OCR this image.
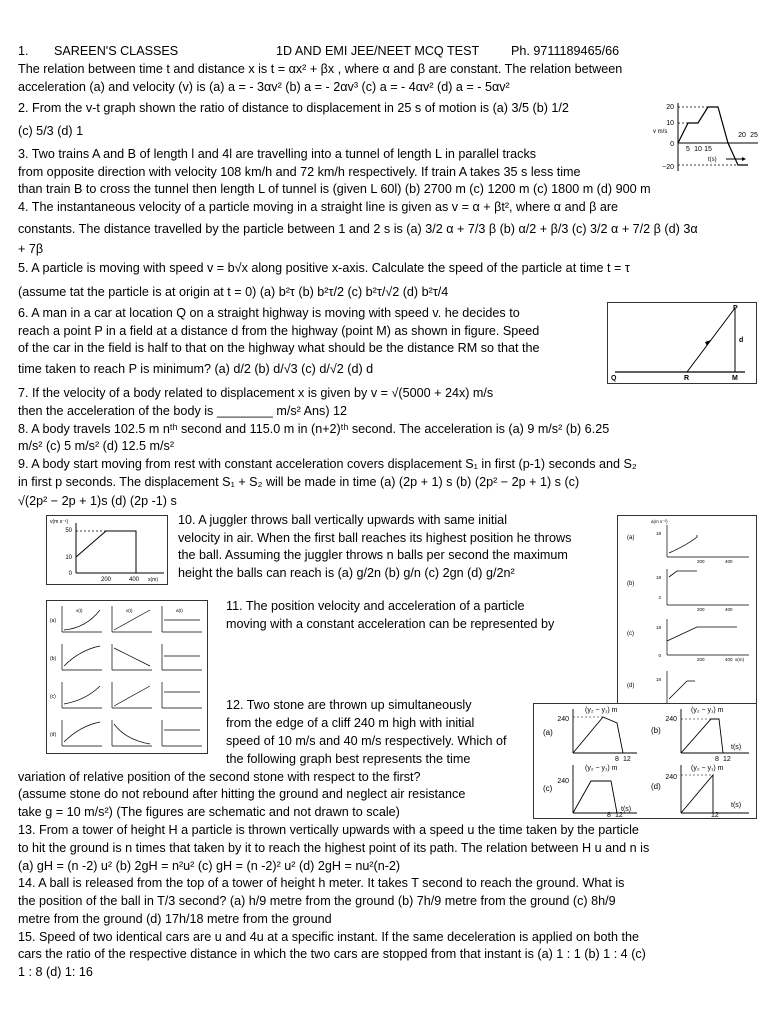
1. SAREEN'S CLASSES	1D AND EMI JEE/NEET MCQ TEST	Ph. 9711189465/66
The relation between time t and distance x is t = αx² + βx , where α and β are constant. The relation between
acceleration (a) and velocity (v) is (a) a = - 3αv² (b) a = - 2αv³ (c) a = - 4αv² (d) a = - 5αv²
2. From the v-t graph shown the ratio of distance to displacement in 25 s of motion is (a) 3/5 (b) 1/2
(c) 5/3 (d) 1
20
10
0
−20
v m/s
5 10 15
20 25
t(s)
3. Two trains A and B of length l and 4l are travelling into a tunnel of length L in parallel tracks
from opposite direction with velocity 108 km/h and 72 km/h respectively. If train A takes 35 s less time
than train B to cross the tunnel then length L of tunnel is (given L 60l) (b) 2700 m (c) 1200 m (c) 1800 m (d) 900 m
4. The instantaneous velocity of a particle moving in a straight line is given as v = α + βt², where α and β are
constants. The distance travelled by the particle between 1 and 2 s is (a) 3/2 α + 7/3 β (b) α/2 + β/3 (c) 3/2 α + 7/2 β (d) 3α
+ 7β
5. A particle is moving with speed v = b√x along positive x-axis. Calculate the speed of the particle at time t = τ
(assume tat the particle is at origin at t = 0) (a) b²τ (b) b²τ/2 (c) b²τ/√2 (d) b²τ/4
6. A man in a car at location Q on a straight highway is moving with speed v. he decides to
reach a point P in a field at a distance d from the highway (point M) as shown in figure. Speed
of the car in the field is half to that on the highway what should be the distance RM so that the
time taken to reach P is minimum? (a) d/2 (b) d/√3 (c) d/√2 (d) d
Q	R	M
P
d
7. If the velocity of a body related to displacement x is given by v = √(5000 + 24x) m/s
then the acceleration of the body is ________ m/s² Ans) 12
8. A body travels 102.5 m nᵗʰ second and 115.0 m in (n+2)ᵗʰ second. The acceleration is (a) 9 m/s² (b) 6.25
m/s² (c) 5 m/s² (d) 12.5 m/s²
9. A body start moving from rest with constant acceleration covers displacement S₁ in first (p-1) seconds and S₂
in first p seconds. The displacement S₁ + S₂ will be made in time (a) (2p + 1) s (b) (2p² − 2p + 1) s (c)
√(2p² − 2p + 1)s (d) (2p -1) s
v(m s⁻¹)
50
10
0
200	400 x(m)
10. A juggler throws ball vertically upwards with same initial
velocity in air. When the first ball reaches its highest position he throws
the ball. Assuming the juggler throws n balls per second the maximum
height the balls can reach is (a) g/2n (b) g/n (c) 2gn (d) g/2n²
(a)
a(m s⁻²)
18
200	400
(b)
18
2
200	400
(c)
18
0
200	400 x(m)
(d)
18
(a)
(b)
(c)
(d)
x(t)	v(t)	a(t)	11. The position velocity and acceleration of a particle
moving with a constant acceleration can be represented by
12. Two stone are thrown up simultaneously
from the edge of a cliff 240 m high with initial
speed of 10 m/s and 40 m/s respectively. Which of
the following graph best represents the time
variation of relative position of the second stone with respect to the first?
(assume stone do not rebound after hitting the ground and neglect air resistance
take g = 10 m/s²) (The figures are schematic and not drawn to scale)
(a)	(b)
(c)	(d)
(y₂ − y₁) m	(y₂ − y₁) m
(y₂ − y₁) m	(y₂ − y₁) m
240	240
240
240
8 12	8 12
8 12	12
t(s)
t(s)
t(s)
13. From a tower of height H a particle is thrown vertically upwards with a speed u the time taken by the particle
to hit the ground is n times that taken by it to reach the highest point of its path. The relation between H u and n is
(a) gH = (n -2) u² (b) 2gH = n²u² (c) gH = (n -2)² u² (d) 2gH = nu²(n-2)
14. A ball is released from the top of a tower of height h meter. It takes T second to reach the ground. What is
the position of the ball in T/3 second? (a) h/9 metre from the ground (b) 7h/9 metre from the ground (c) 8h/9
metre from the ground (d) 17h/18 metre from the ground
15. Speed of two identical cars are u and 4u at a specific instant. If the same deceleration is applied on both the
cars the ratio of the respective distance in which the two cars are stopped from that instant is (a) 1 : 1 (b) 1 : 4 (c)
1 : 8 (d) 1: 16
